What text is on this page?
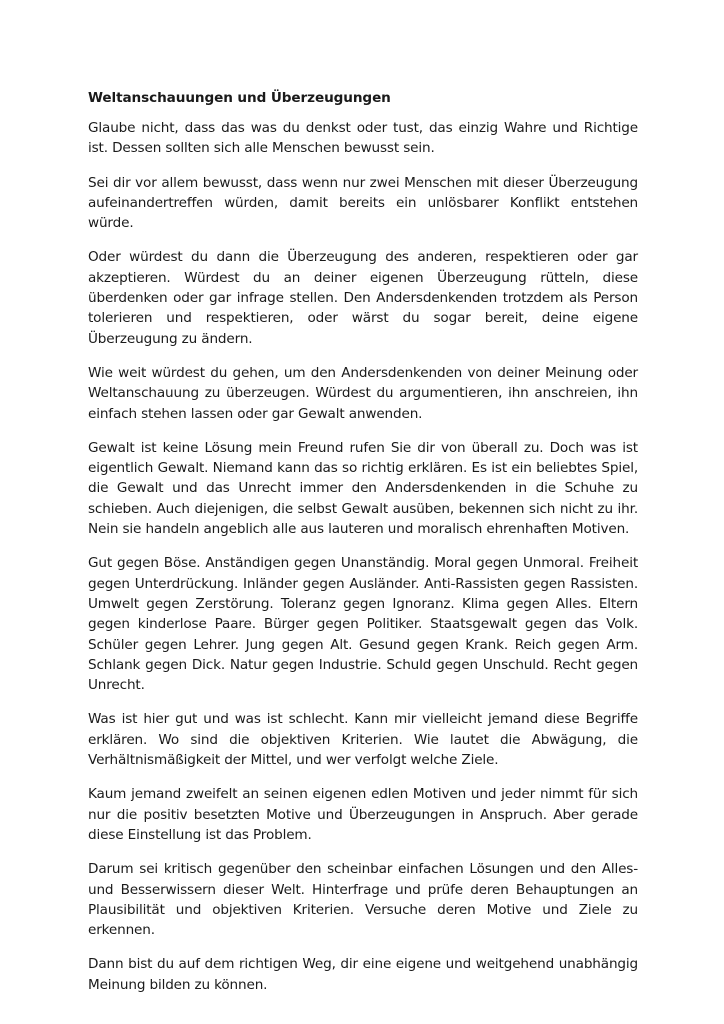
Weltanschauungen und Überzeugungen

Glaube nicht, dass das was du denkst oder tust, das einzig Wahre und Richtige ist. Dessen sollten sich alle Menschen bewusst sein.

Sei dir vor allem bewusst, dass wenn nur zwei Menschen mit dieser Überzeugung aufeinandertreffen würden, damit bereits ein unlösbarer Konflikt entstehen würde.

Oder würdest du dann die Überzeugung des anderen, respektieren oder gar akzeptieren. Würdest du an deiner eigenen Überzeugung rütteln, diese überdenken oder gar infrage stellen. Den Andersdenkenden trotzdem als Person tolerieren und respektieren, oder wärst du sogar bereit, deine eigene Überzeugung zu ändern.

Wie weit würdest du gehen, um den Andersdenkenden von deiner Meinung oder Weltanschauung zu überzeugen. Würdest du argumentieren, ihn anschreien, ihn einfach stehen lassen oder gar Gewalt anwenden.

Gewalt ist keine Lösung mein Freund rufen Sie dir von überall zu. Doch was ist eigentlich Gewalt. Niemand kann das so richtig erklären. Es ist ein beliebtes Spiel, die Gewalt und das Unrecht immer den Andersdenkenden in die Schuhe zu schieben. Auch diejenigen, die selbst Gewalt ausüben, bekennen sich nicht zu ihr. Nein sie handeln angeblich alle aus lauteren und moralisch ehrenhaften Motiven.

Gut gegen Böse. Anständigen gegen Unanständig. Moral gegen Unmoral. Freiheit gegen Unterdrückung. Inländer gegen Ausländer. Anti-Rassisten gegen Rassisten. Umwelt gegen Zerstörung. Toleranz gegen Ignoranz. Klima gegen Alles. Eltern gegen kinderlose Paare. Bürger gegen Politiker. Staatsgewalt gegen das Volk. Schüler gegen Lehrer. Jung gegen Alt. Gesund gegen Krank. Reich gegen Arm. Schlank gegen Dick. Natur gegen Industrie. Schuld gegen Unschuld. Recht gegen Unrecht.

Was ist hier gut und was ist schlecht. Kann mir vielleicht jemand diese Begriffe erklären. Wo sind die objektiven Kriterien. Wie lautet die Abwägung, die Verhältnismäßigkeit der Mittel, und wer verfolgt welche Ziele.

Kaum jemand zweifelt an seinen eigenen edlen Motiven und jeder nimmt für sich nur die positiv besetzten Motive und Überzeugungen in Anspruch. Aber gerade diese Einstellung ist das Problem.

Darum sei kritisch gegenüber den scheinbar einfachen Lösungen und den Alles- und Besserwissern dieser Welt. Hinterfrage und prüfe deren Behauptungen an Plausibilität und objektiven Kriterien. Versuche deren Motive und Ziele zu erkennen.

Dann bist du auf dem richtigen Weg, dir eine eigene und weitgehend unabhängig Meinung bilden zu können.
